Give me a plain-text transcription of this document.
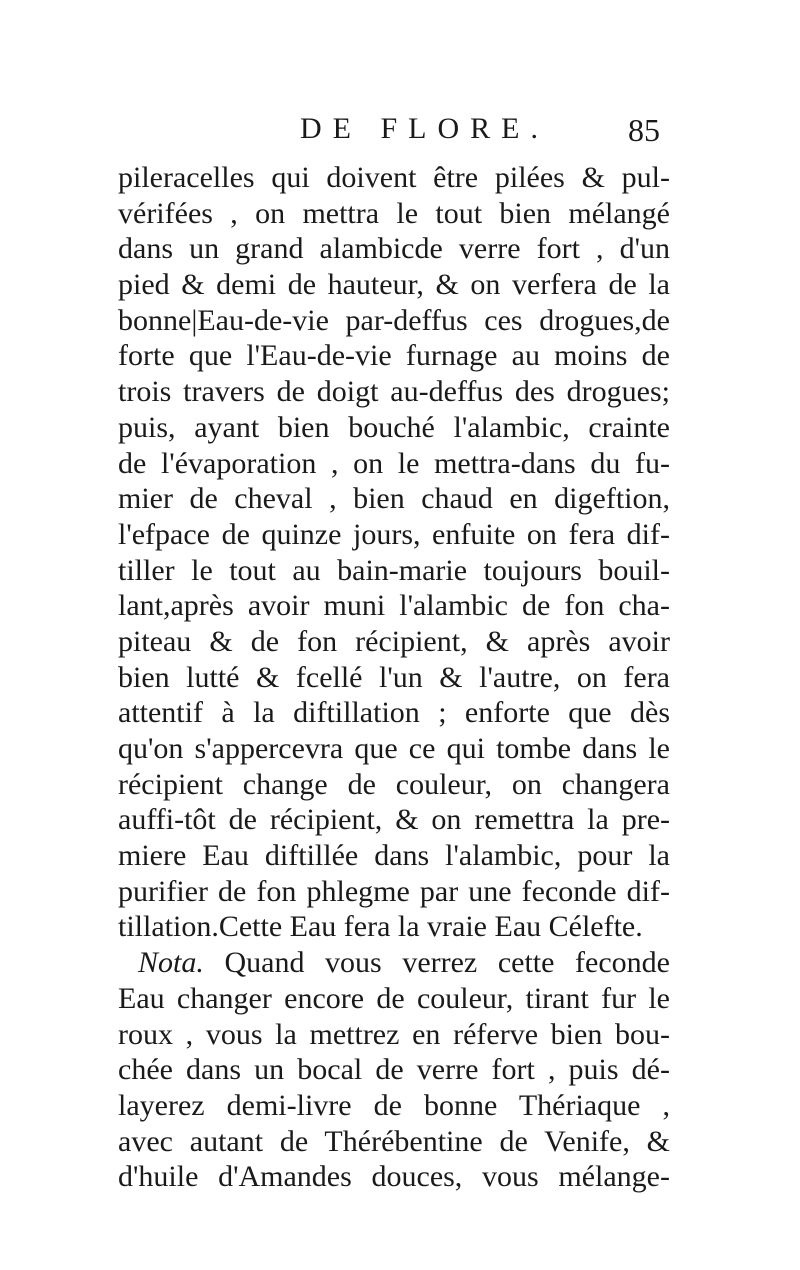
DE FLORE. 85
pileracelles qui doivent être pilées & pul-
vérifées , on mettra le tout bien mélangé
dans un grand alambicde verre fort , d'un
pied & demi de hauteur, & on verfera de la
bonne|Eau-de-vie par-deffus ces drogues,de
forte que l'Eau-de-vie furnage au moins de
trois travers de doigt au-deffus des drogues;
puis, ayant bien bouché l'alambic, crainte
de l'évaporation , on le mettra-dans du fu-
mier de cheval , bien chaud en digeftion,
l'efpace de quinze jours, enfuite on fera dif-
tiller le tout au bain-marie toujours bouil-
lant,après avoir muni l'alambic de fon cha-
piteau & de fon récipient, & après avoir
bien lutté & fcellé l'un & l'autre, on fera
attentif à la diftillation ; enforte que dès
qu'on s'appercevra que ce qui tombe dans le
récipient change de couleur, on changera
auffi-tôt de récipient, & on remettra la pre-
miere Eau diftillée dans l'alambic, pour la
purifier de fon phlegme par une feconde dif-
tillation.Cette Eau fera la vraie Eau Célefte.
Nota. Quand vous verrez cette feconde
Eau changer encore de couleur, tirant fur le
roux , vous la mettrez en réferve bien bou-
chée dans un bocal de verre fort , puis dé-
layerez demi-livre de bonne Thériaque ,
avec autant de Thérébentine de Venife, &
d'huile d'Amandes douces, vous mélange-
